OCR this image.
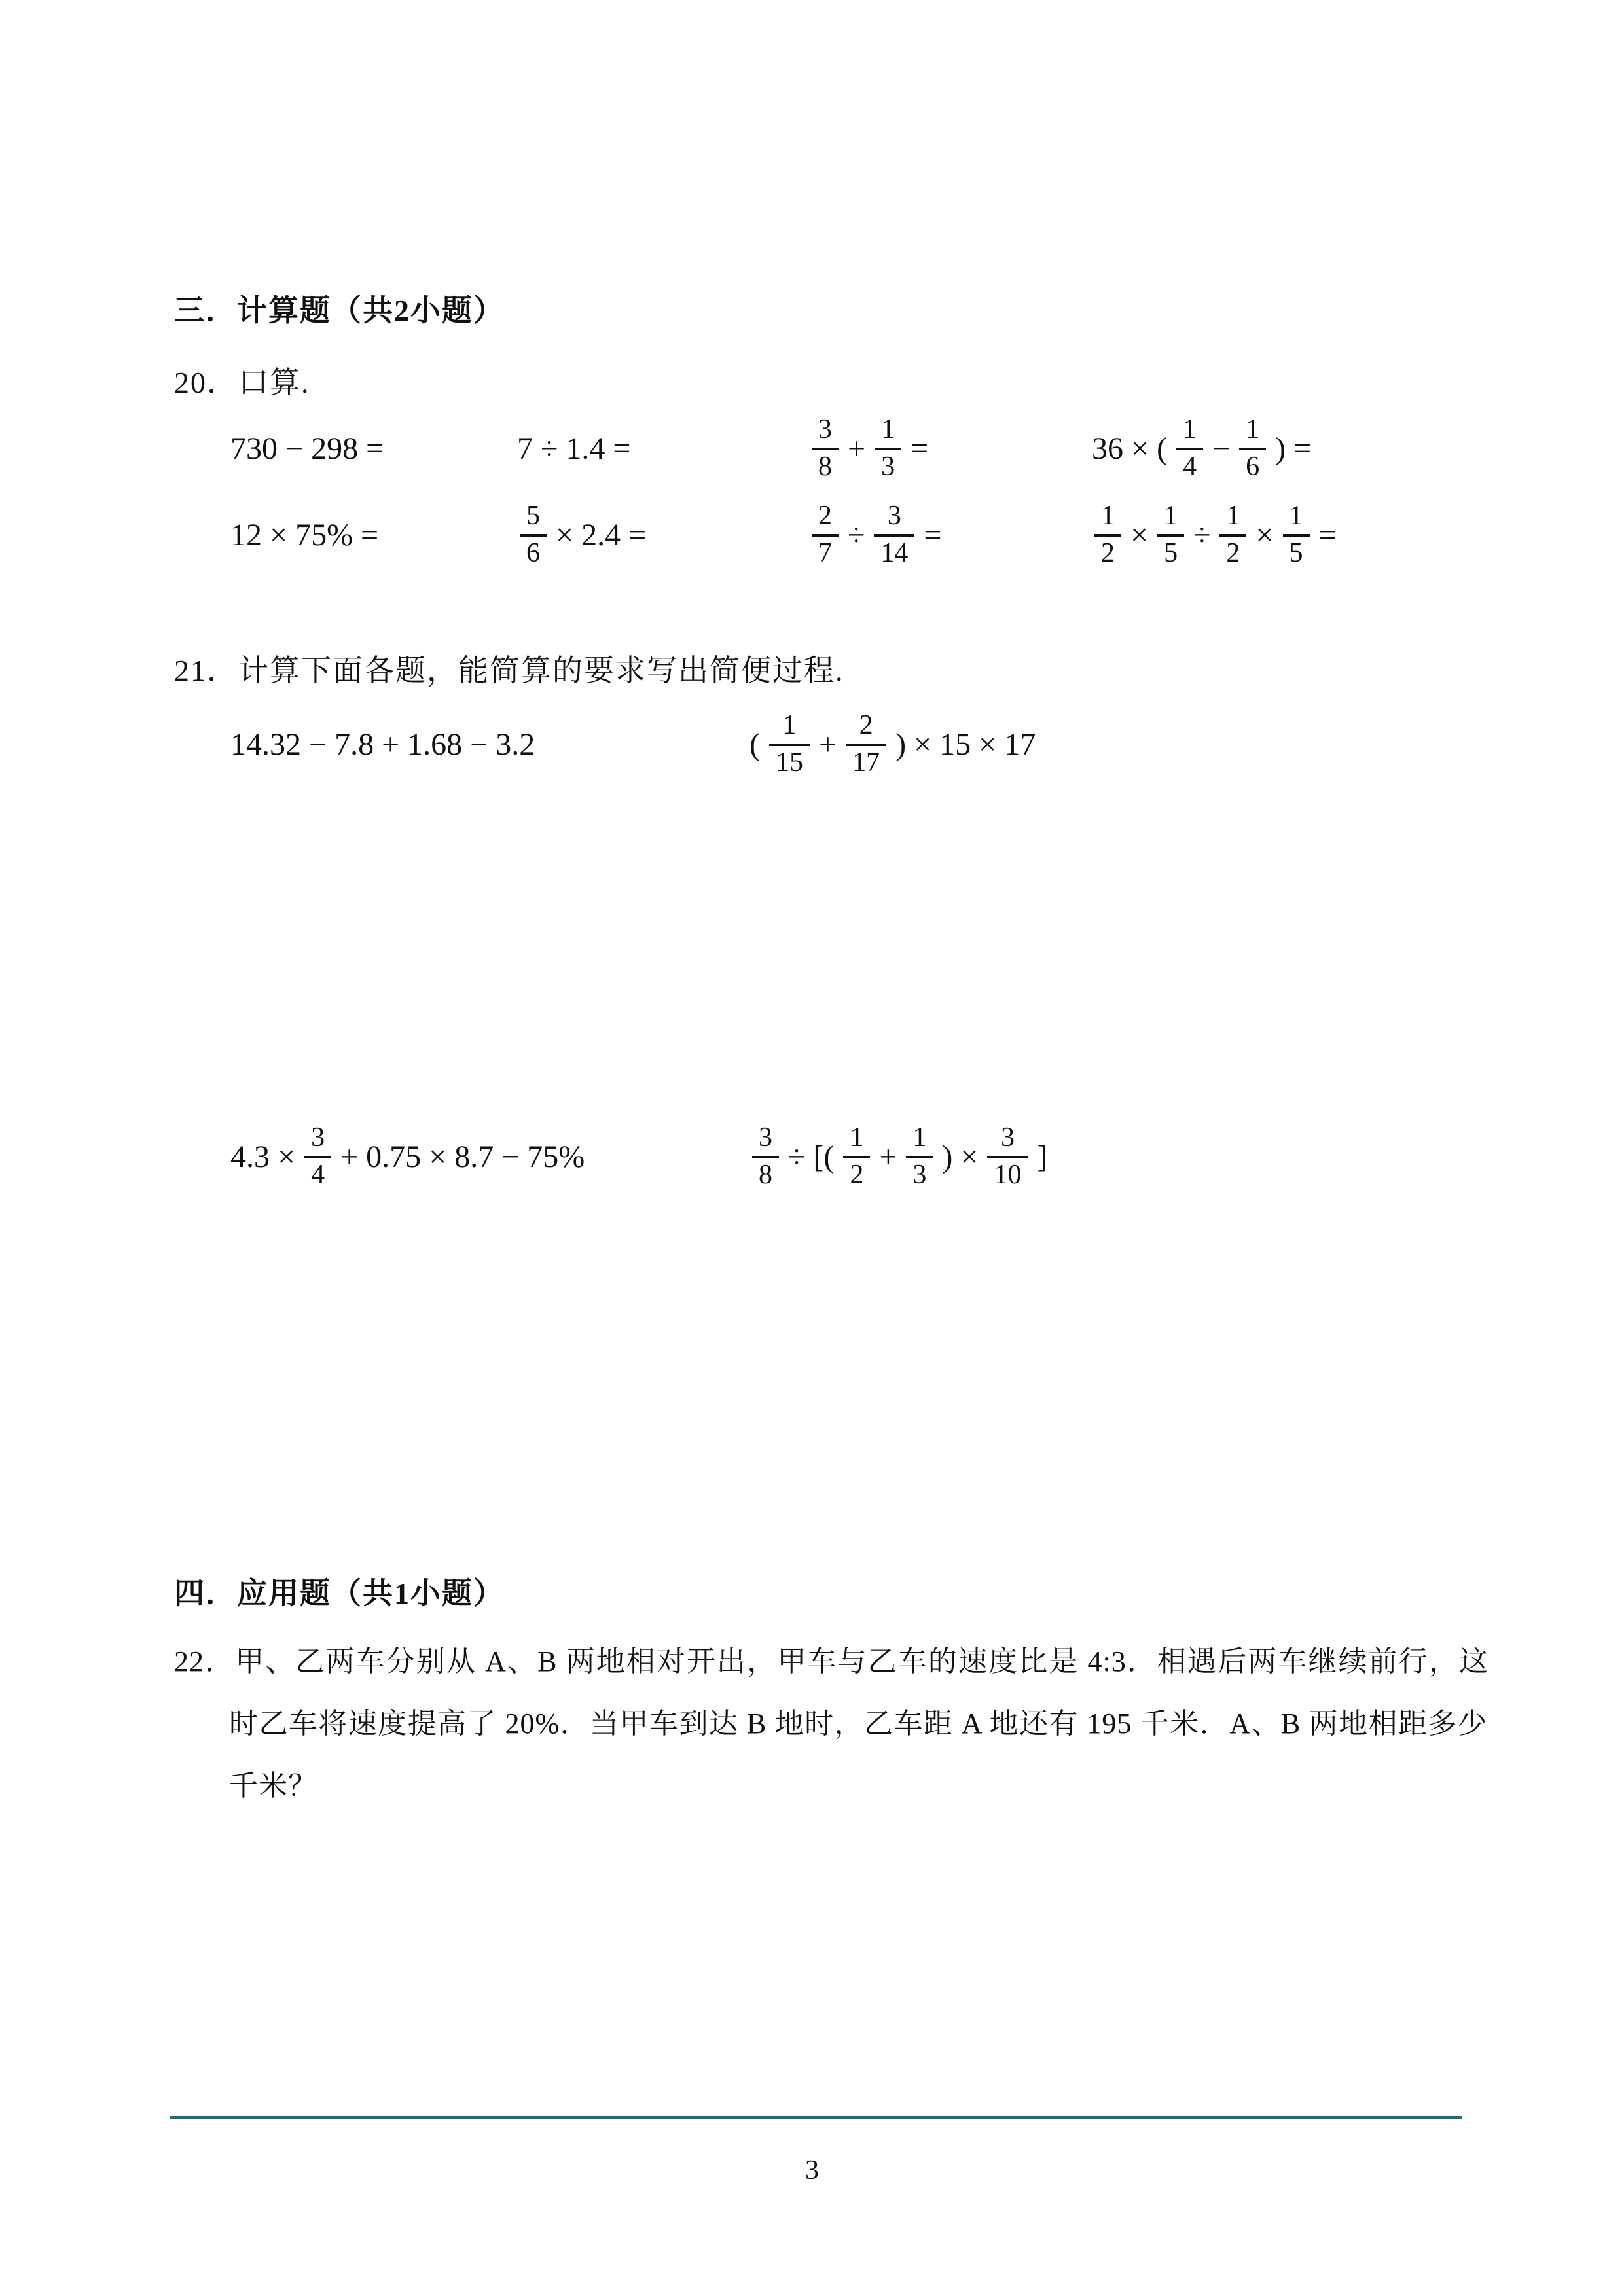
三．计算题（共2小题）
20．口算.
730 − 298 =	7 ÷ 1.4 =	$\frac{3}{8} + \frac{1}{3}$ =	36 × ( $\frac{1}{4} - \frac{1}{6}$ ) =
12 × 75% =	$\frac{5}{6} \times 2.4$ =	$\frac{2}{7} \div \frac{3}{14}$ =	$\frac{1}{2} \times \frac{1}{5} \div \frac{1}{2} \times \frac{1}{5}$ =
21．计算下面各题，能简算的要求写出简便过程.
14.32 − 7.8 + 1.68 − 3.2	( $\frac{1}{15} + \frac{2}{17}$ ) × 15 × 17
$4.3 \times \frac{3}{4} + 0.75 \times 8.7 - 75\%$	$\frac{3}{8}$ ÷ [( $\frac{1}{2} + \frac{1}{3}$ ) × $\frac{3}{10}$ ]
四．应用题（共1小题）
22．甲、乙两车分别从 A、B 两地相对开出，甲车与乙车的速度比是 4:3．相遇后两车继续前行，这
时乙车将速度提高了 20%．当甲车到达 B 地时，乙车距 A 地还有 195 千米．A、B 两地相距多少
千米？
3
